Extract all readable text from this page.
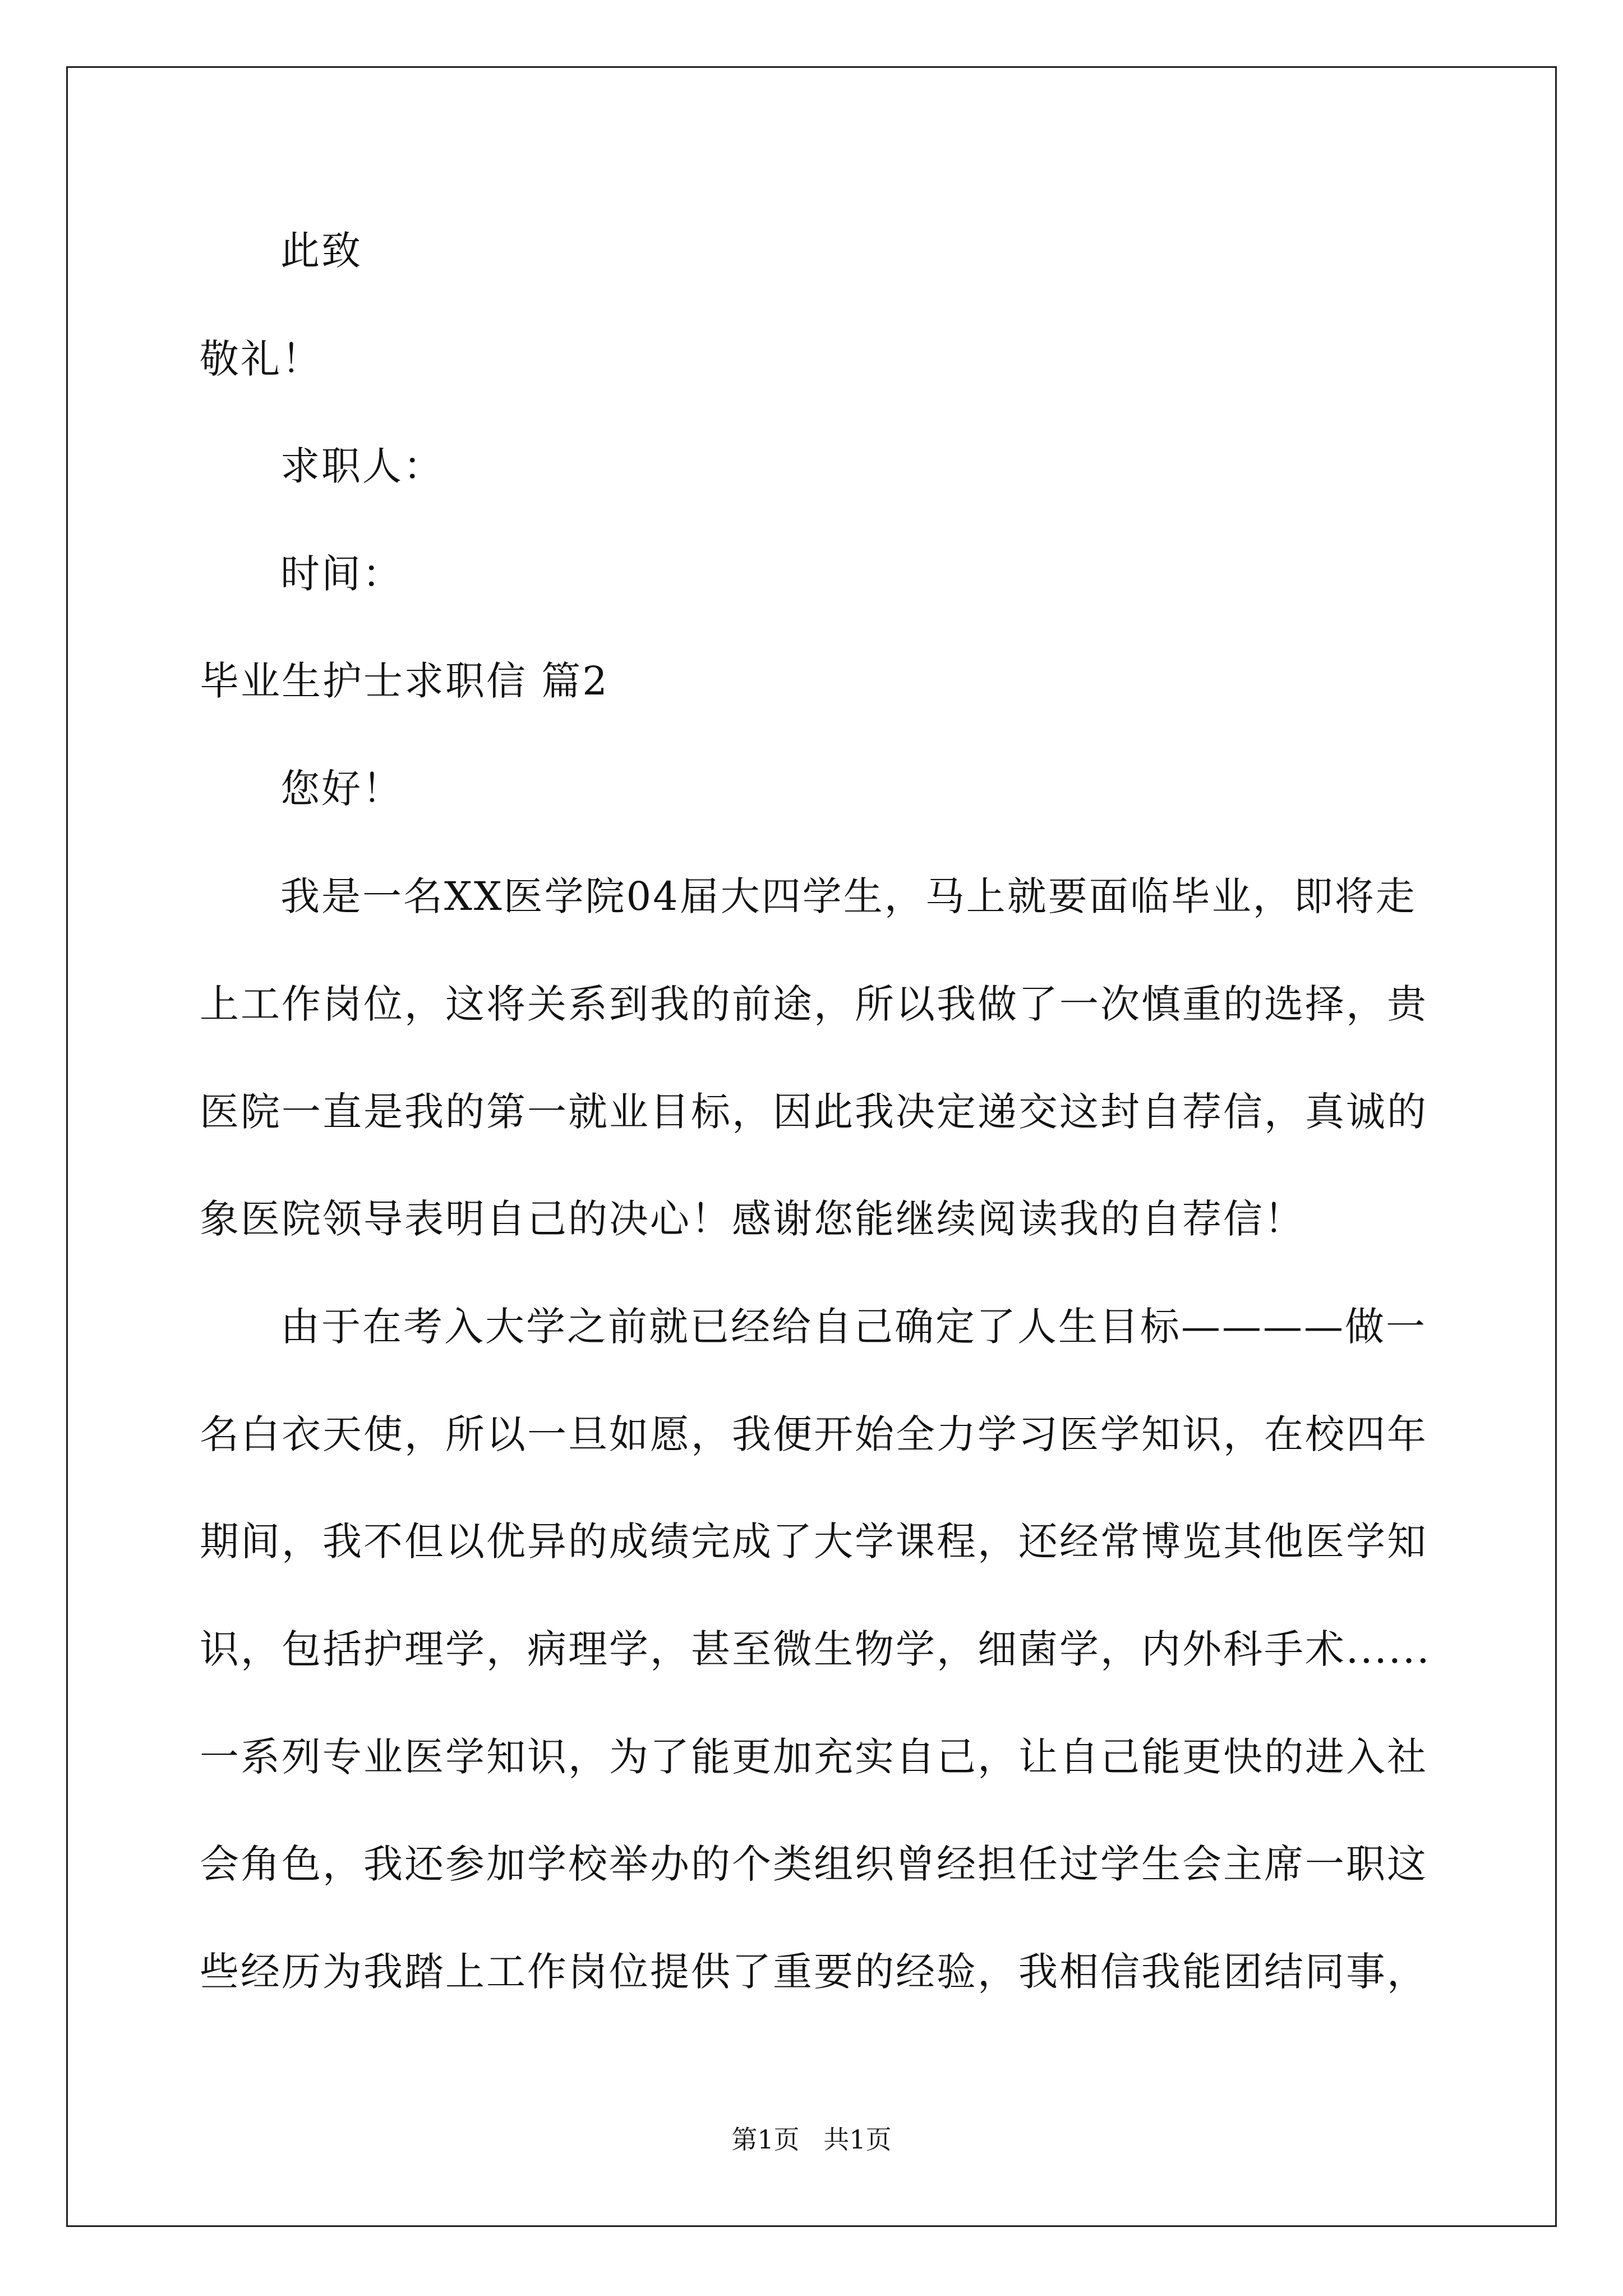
此致
敬礼！
求职人：
时间：
毕业生护士求职信 篇2
您好！
我是一名XX医学院04届大四学生，马上就要面临毕业，即将走
上工作岗位，这将关系到我的前途，所以我做了一次慎重的选择，贵
医院一直是我的第一就业目标，因此我决定递交这封自荐信，真诚的
象医院领导表明自己的决心！感谢您能继续阅读我的自荐信！
由于在考入大学之前就已经给自己确定了人生目标————做一
名白衣天使，所以一旦如愿，我便开始全力学习医学知识，在校四年
期间，我不但以优异的成绩完成了大学课程，还经常博览其他医学知
识，包括护理学，病理学，甚至微生物学，细菌学，内外科手术......
一系列专业医学知识，为了能更加充实自己，让自己能更快的进入社
会角色，我还参加学校举办的个类组织曾经担任过学生会主席一职这
些经历为我踏上工作岗位提供了重要的经验，我相信我能团结同事，
第1页 共1页
